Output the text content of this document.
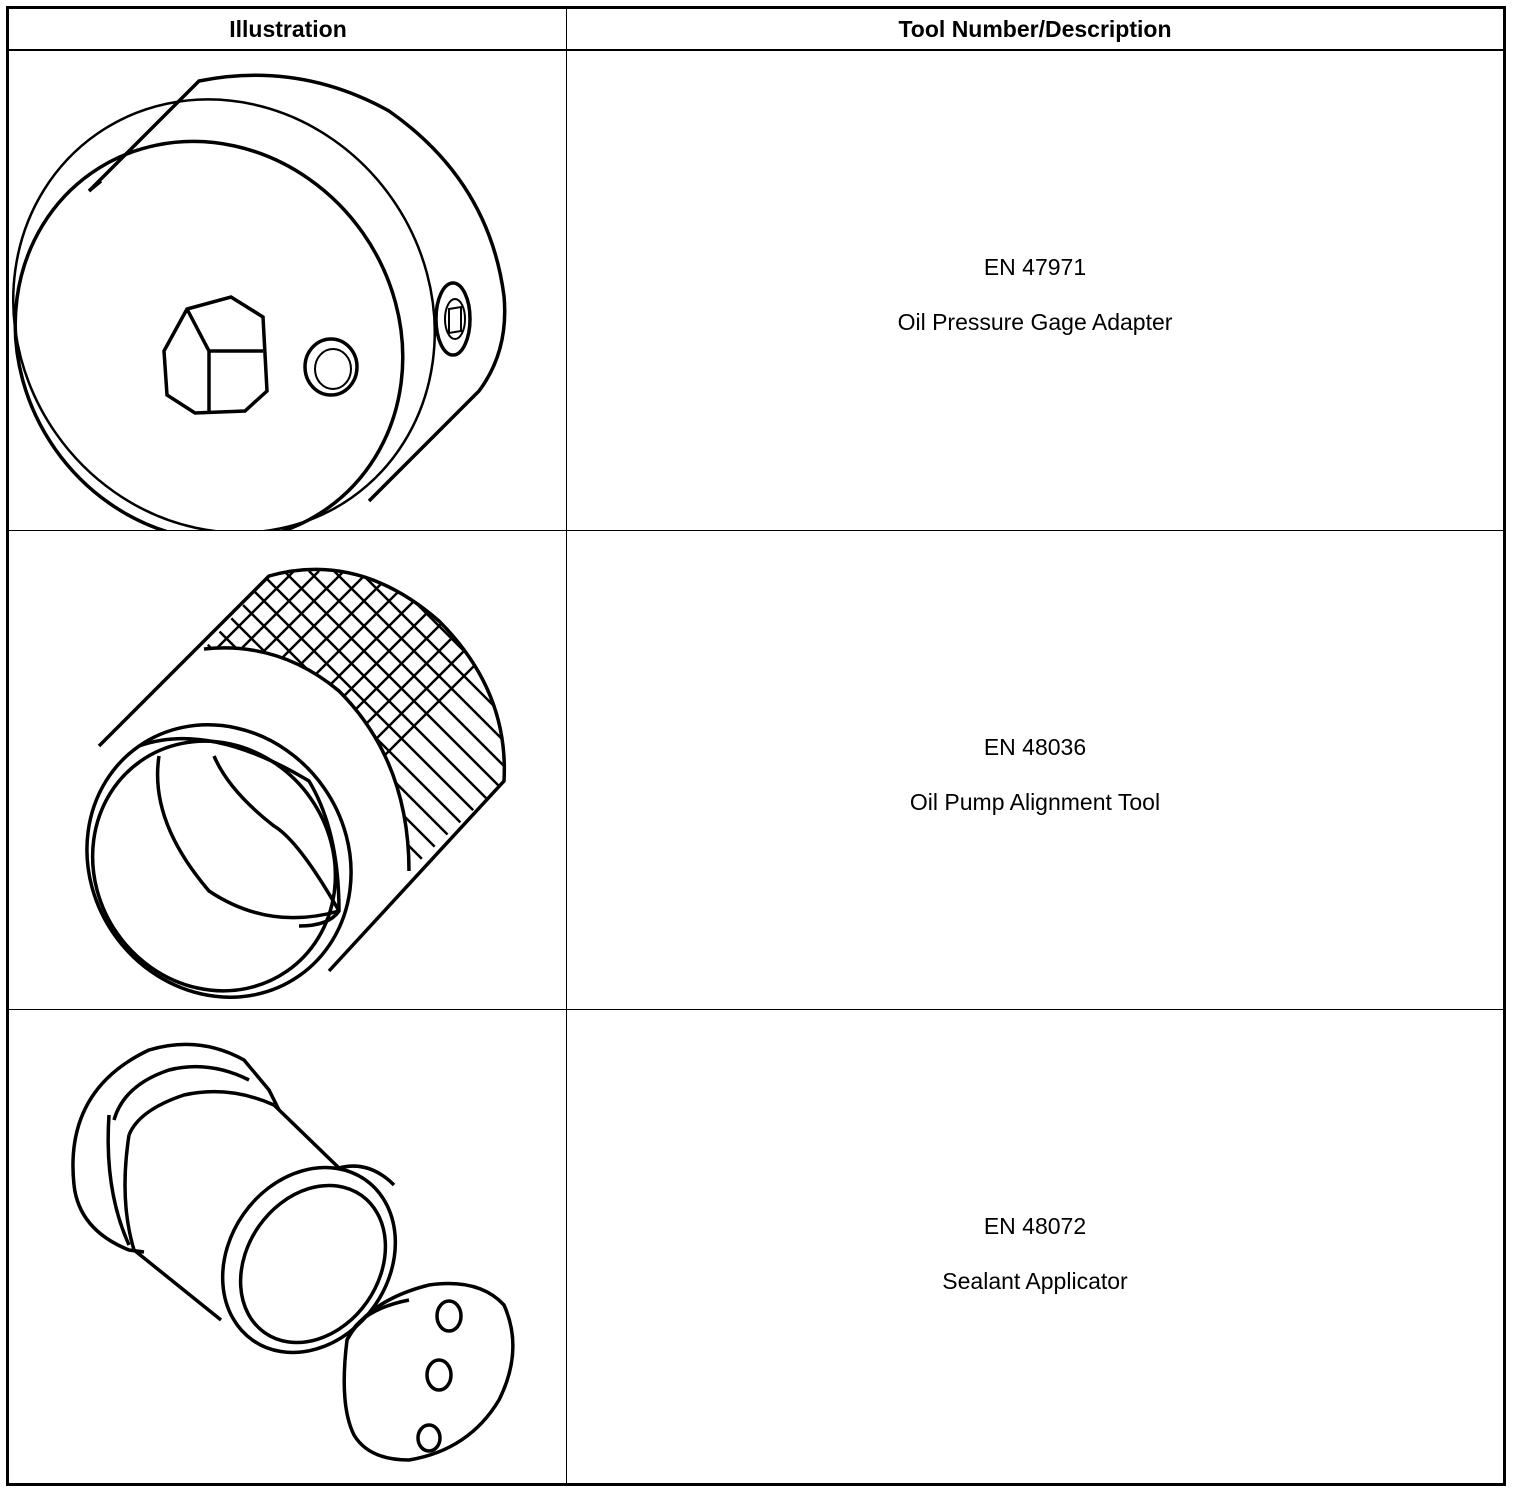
Illustration	Tool Number/Description
EN 47971
Oil Pressure Gage Adapter
EN 48036
Oil Pump Alignment Tool
EN 48072
Sealant Applicator
